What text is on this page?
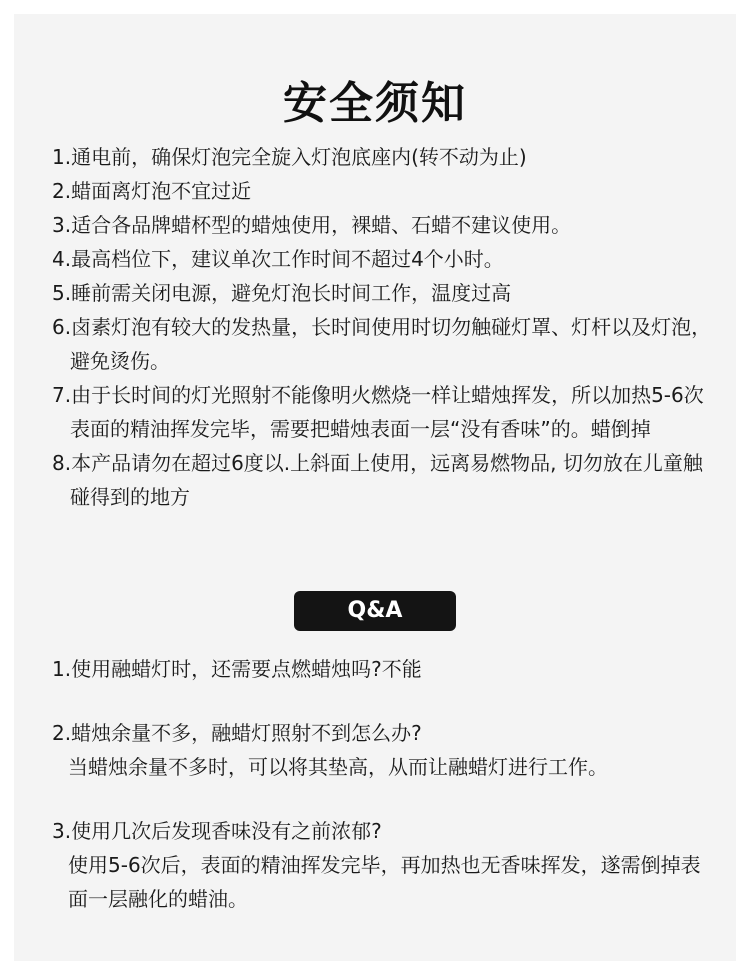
安全须知
1.通电前，确保灯泡完全旋入灯泡底座内(转不动为止)
2.蜡面离灯泡不宜过近
3.适合各品牌蜡杯型的蜡烛使用，裸蜡、石蜡不建议使用。
4.最高档位下，建议单次工作时间不超过4个小时。
5.睡前需关闭电源，避免灯泡长时间工作，温度过高
6.卤素灯泡有较大的发热量，长时间使用时切勿触碰灯罩、灯杆以及灯泡，避免烫伤。
7.由于长时间的灯光照射不能像明火燃烧一样让蜡烛挥发，所以加热5-6次表面的精油挥发完毕，需要把蜡烛表面一层“没有香味”的。蜡倒掉
8.本产品请勿在超过6度以.上斜面上使用，远离易燃物品, 切勿放在儿童触碰得到的地方
Q&A

1.使用融蜡灯时，还需要点燃蜡烛吗?不能

2.蜡烛余量不多，融蜡灯照射不到怎么办?

当蜡烛余量不多时，可以将其垫高，从而让融蜡灯进行工作。

3.使用几次后发现香味没有之前浓郁?

使用5-6次后，表面的精油挥发完毕，再加热也无香味挥发，遂需倒掉表面一层融化的蜡油。
